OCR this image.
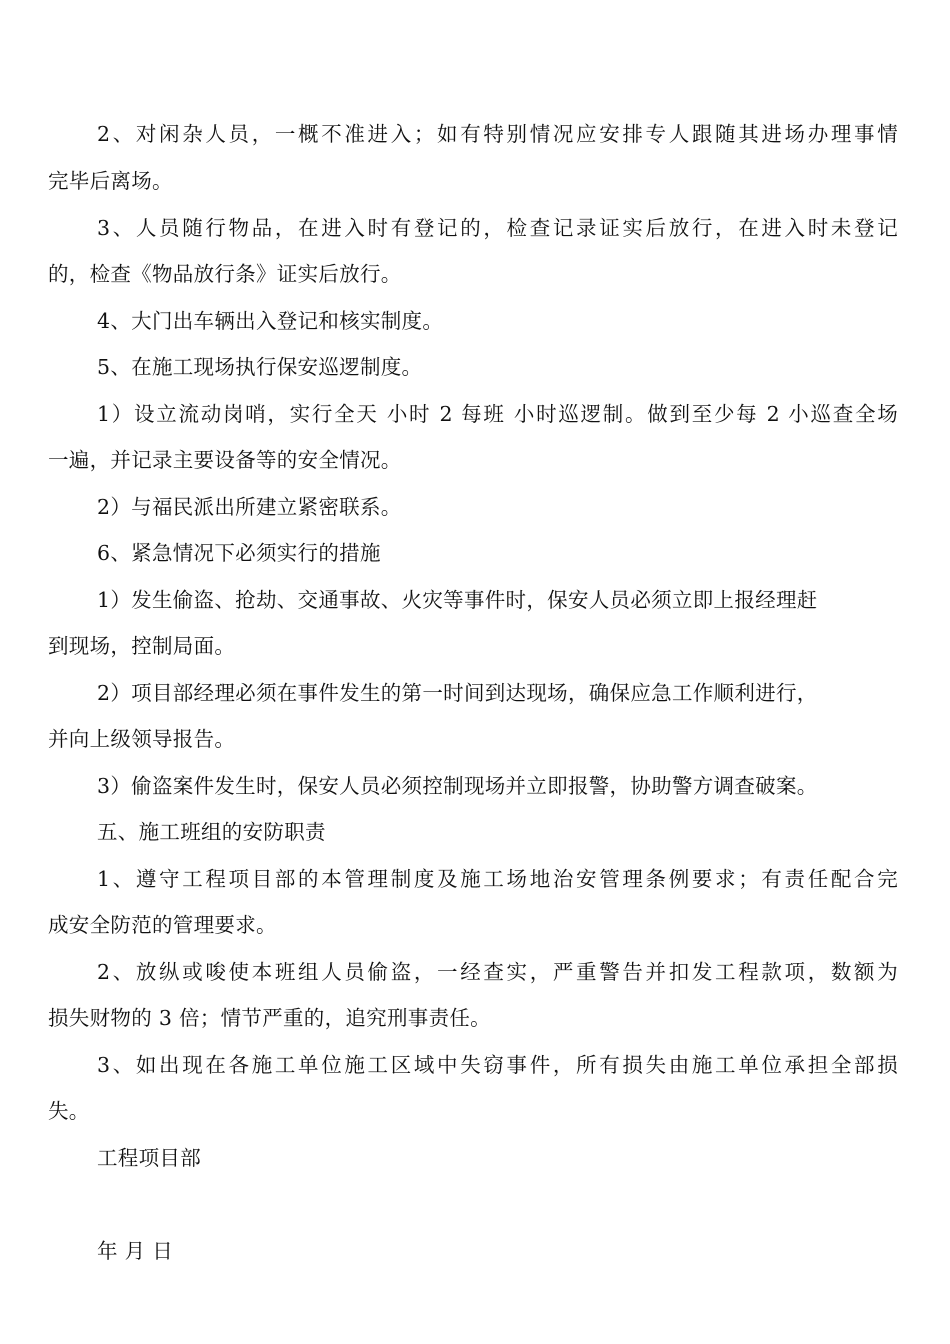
2、对闲杂人员，一概不准进入；如有特别情况应安排专人跟随其进场办理事情
完毕后离场。
3、人员随行物品，在进入时有登记的，检查记录证实后放行，在进入时未登记
的，检查《物品放行条》证实后放行。
4、大门出车辆出入登记和核实制度。
5、在施工现场执行保安巡逻制度。
1）设立流动岗哨，实行全天 小时 2 每班 小时巡逻制。做到至少每 2 小巡查全场
一遍，并记录主要设备等的安全情况。
2）与福民派出所建立紧密联系。
6、紧急情况下必须实行的措施
1）发生偷盗、抢劫、交通事故、火灾等事件时，保安人员必须立即上报经理赶
到现场，控制局面。
2）项目部经理必须在事件发生的第一时间到达现场，确保应急工作顺利进行，
并向上级领导报告。
3）偷盗案件发生时，保安人员必须控制现场并立即报警，协助警方调查破案。
五、施工班组的安防职责
1、遵守工程项目部的本管理制度及施工场地治安管理条例要求；有责任配合完
成安全防范的管理要求。
2、放纵或唆使本班组人员偷盗，一经查实，严重警告并扣发工程款项，数额为
损失财物的 3 倍；情节严重的，追究刑事责任。
3、如出现在各施工单位施工区域中失窃事件，所有损失由施工单位承担全部损
失。
工程项目部
年 月 日
